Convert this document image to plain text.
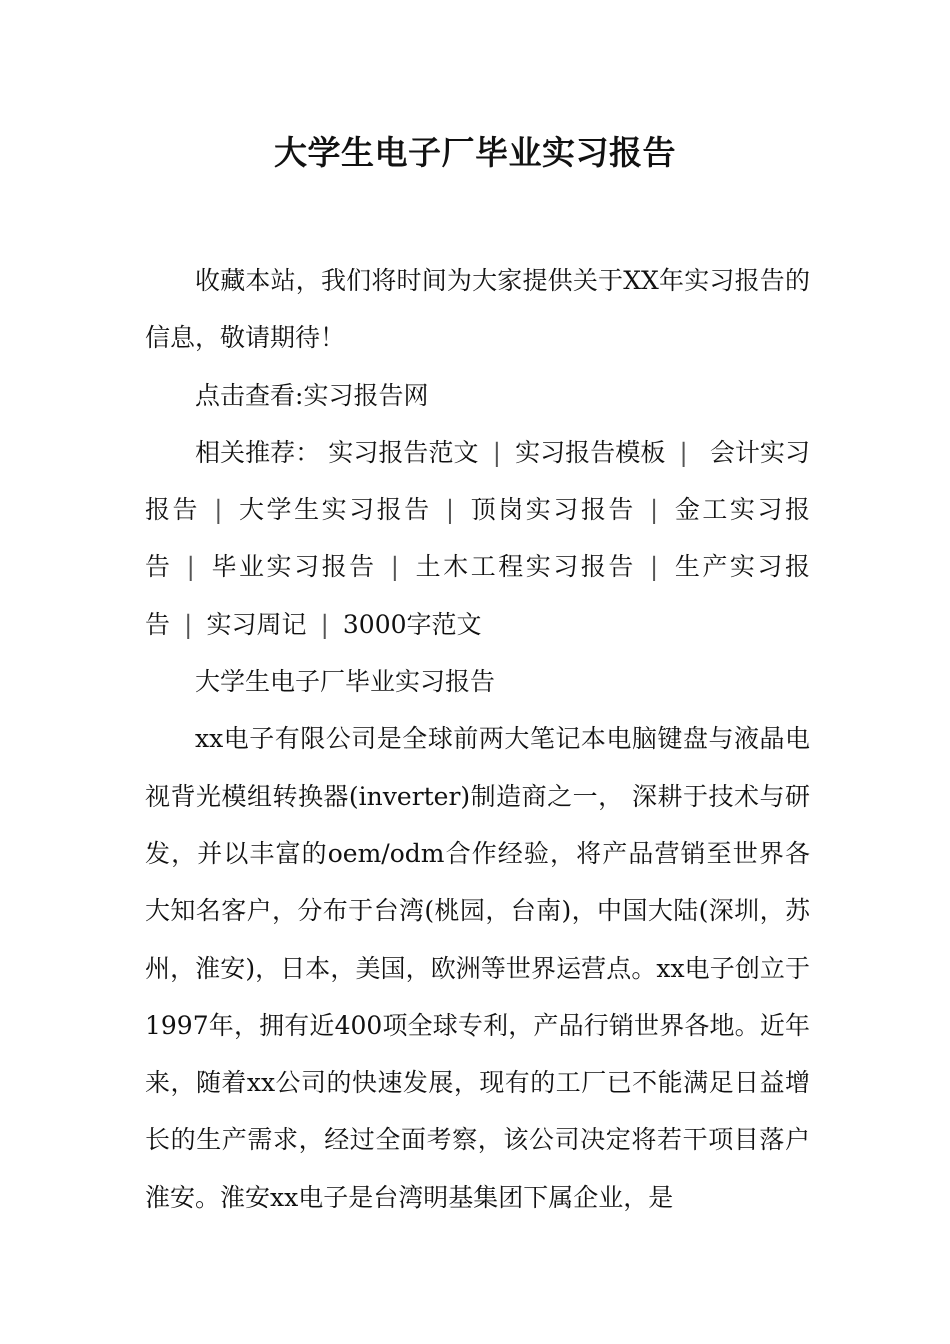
大学生电子厂毕业实习报告

收藏本站，我们将时间为大家提供关于XX年实习报告的信息，敬请期待！

点击查看:实习报告网

相关推荐： 实习报告范文 | 实习报告模板 | 会计实习报告 | 大学生实习报告 | 顶岗实习报告 | 金工实习报告 | 毕业实习报告 | 土木工程实习报告 | 生产实习报告 | 实习周记 | 3000字范文

大学生电子厂毕业实习报告

xx电子有限公司是全球前两大笔记本电脑键盘与液晶电视背光模组转换器(inverter)制造商之一， 深耕于技术与研发，并以丰富的oem/odm合作经验，将产品营销至世界各大知名客户，分布于台湾(桃园，台南)，中国大陆(深圳，苏州，淮安)，日本，美国，欧洲等世界运营点。xx电子创立于1997年，拥有近400项全球专利，产品行销世界各地。近年来，随着xx公司的快速发展，现有的工厂已不能满足日益增长的生产需求，经过全面考察，该公司决定将若干项目落户淮安。淮安xx电子是台湾明基集团下属企业，是
